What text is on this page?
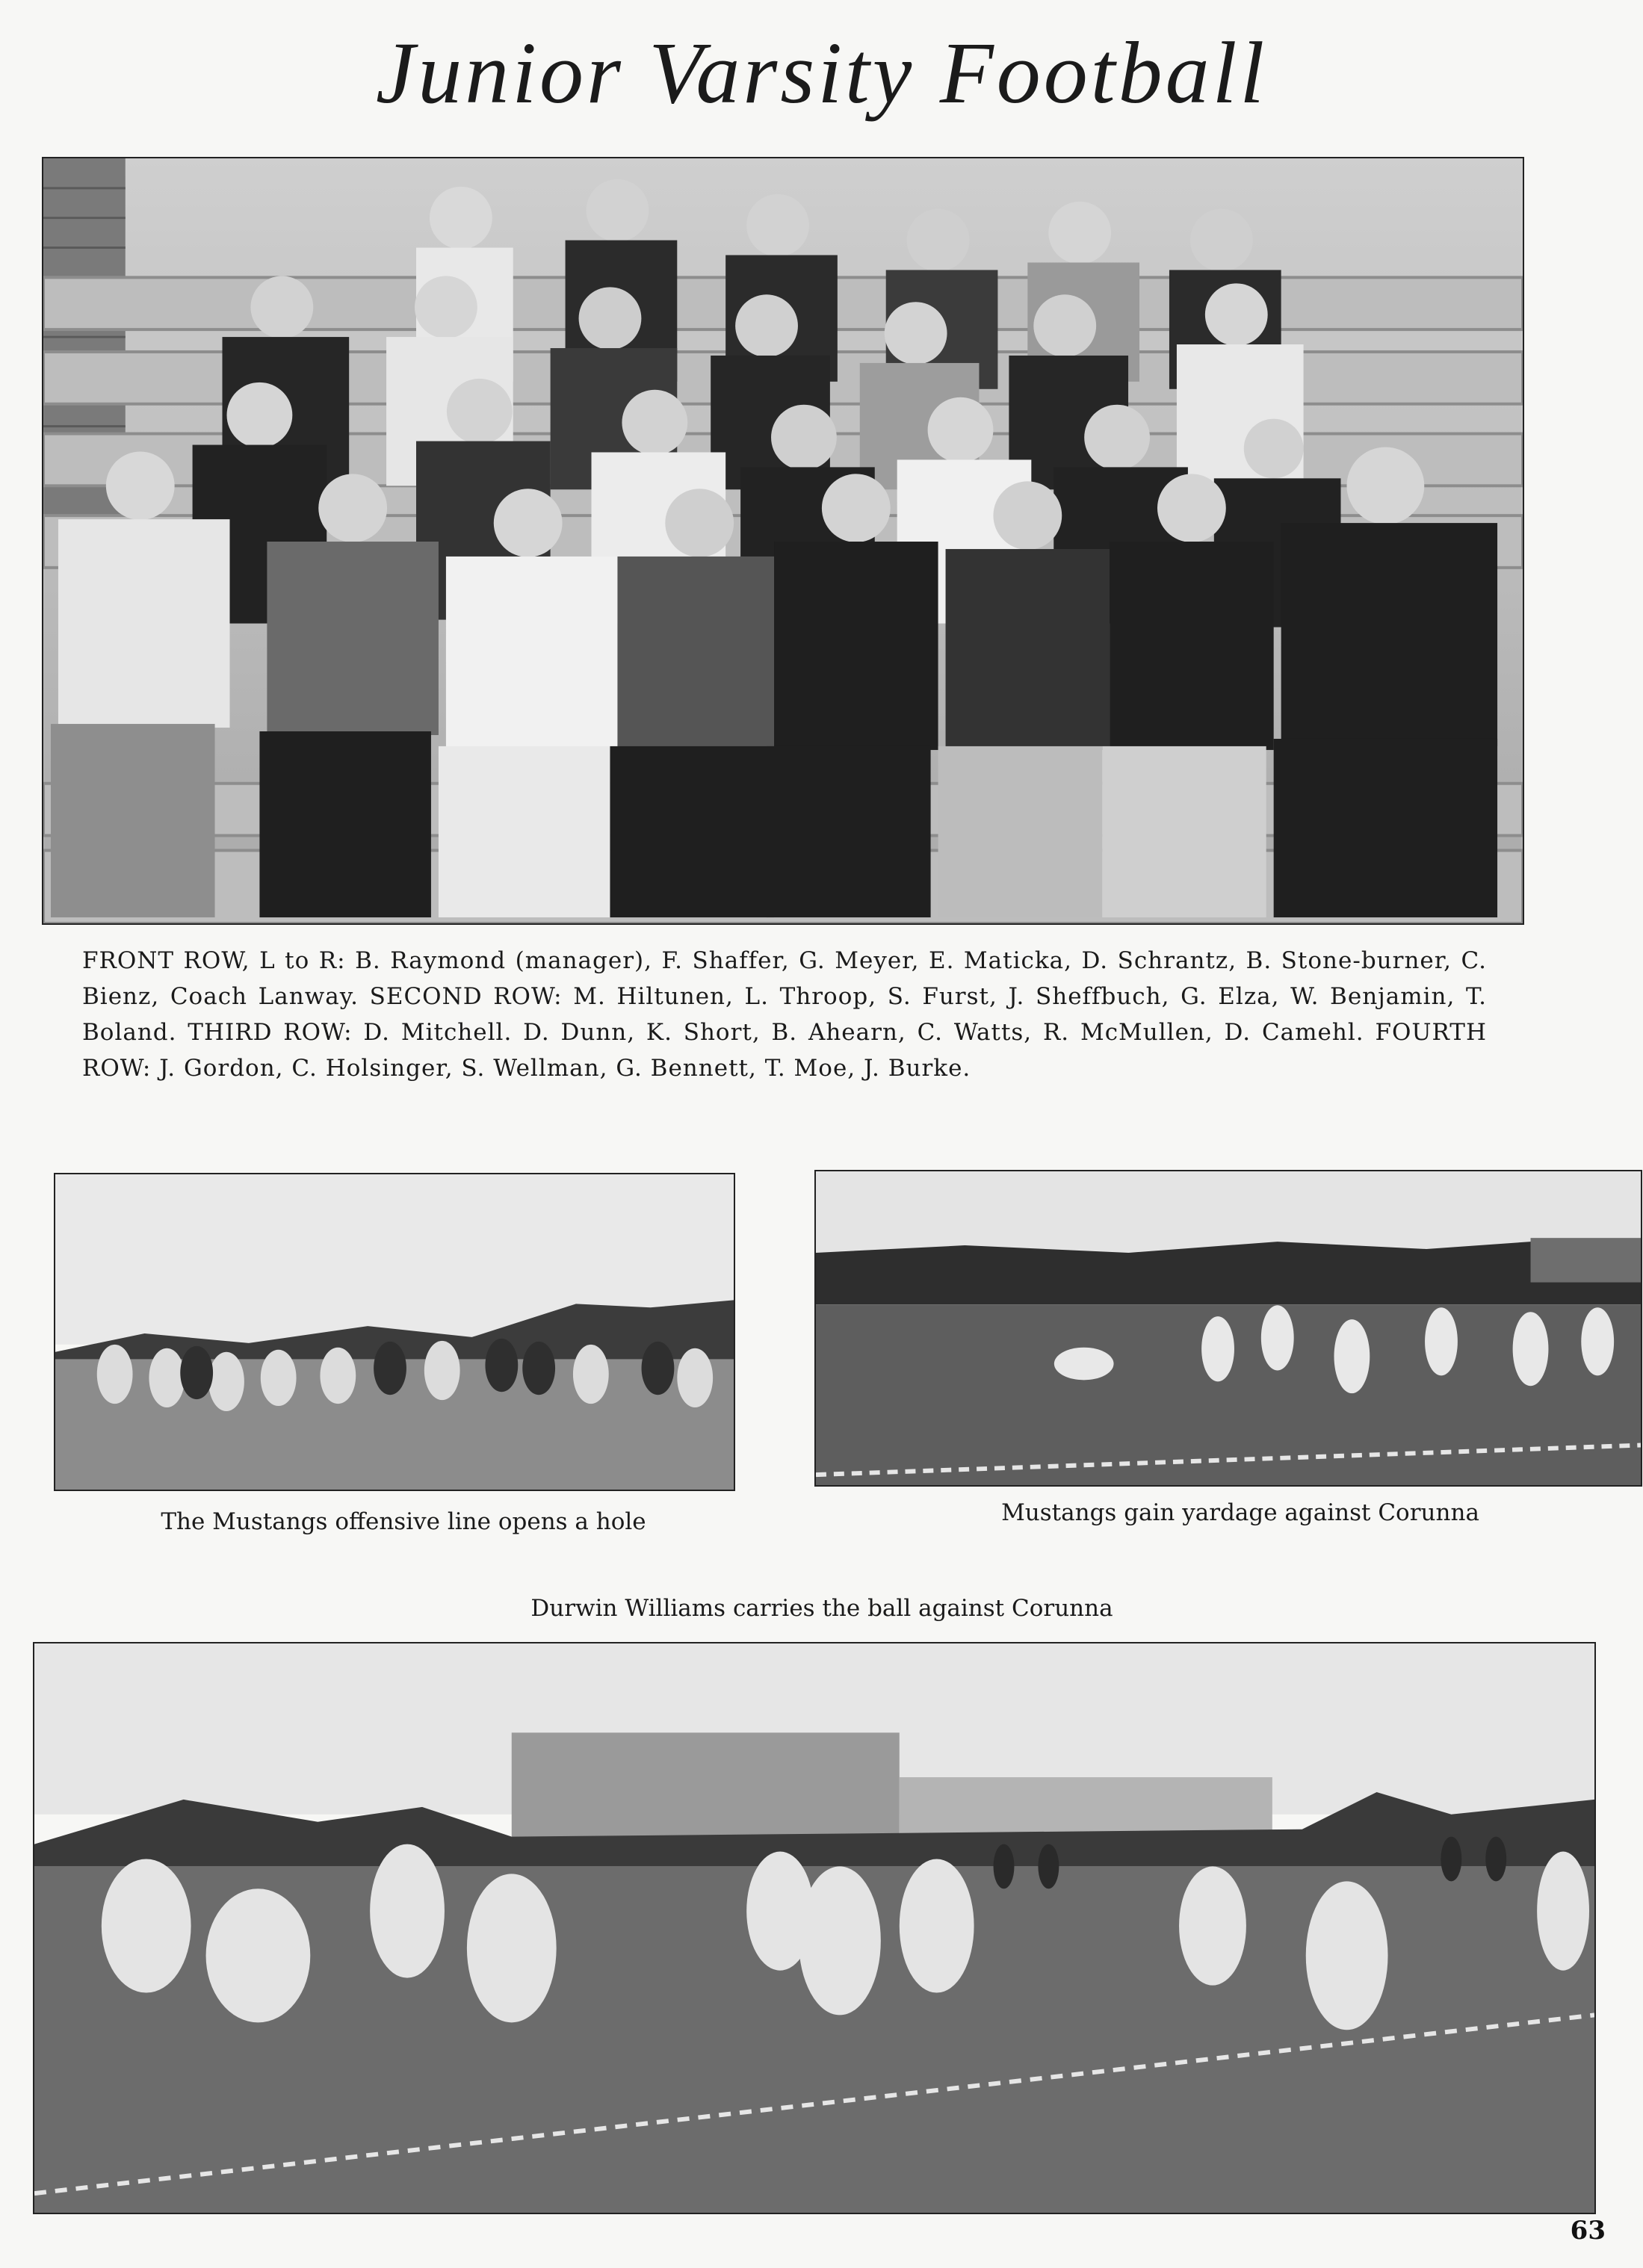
Junior Varsity Football
FRONT ROW, L to R: B. Raymond (manager), F. Shaffer, G. Meyer, E. Maticka, D. Schrantz, B. Stone-burner, C. Bienz, Coach Lanway. SECOND ROW: M. Hiltunen, L. Throop, S. Furst, J. Sheffbuch, G. Elza, W. Benjamin, T. Boland. THIRD ROW: D. Mitchell. D. Dunn, K. Short, B. Ahearn, C. Watts, R. McMullen, D. Camehl. FOURTH ROW: J. Gordon, C. Holsinger, S. Wellman, G. Bennett, T. Moe, J. Burke.
The Mustangs offensive line opens a hole	Mustangs gain yardage against Corunna
Durwin Williams carries the ball against Corunna
63
